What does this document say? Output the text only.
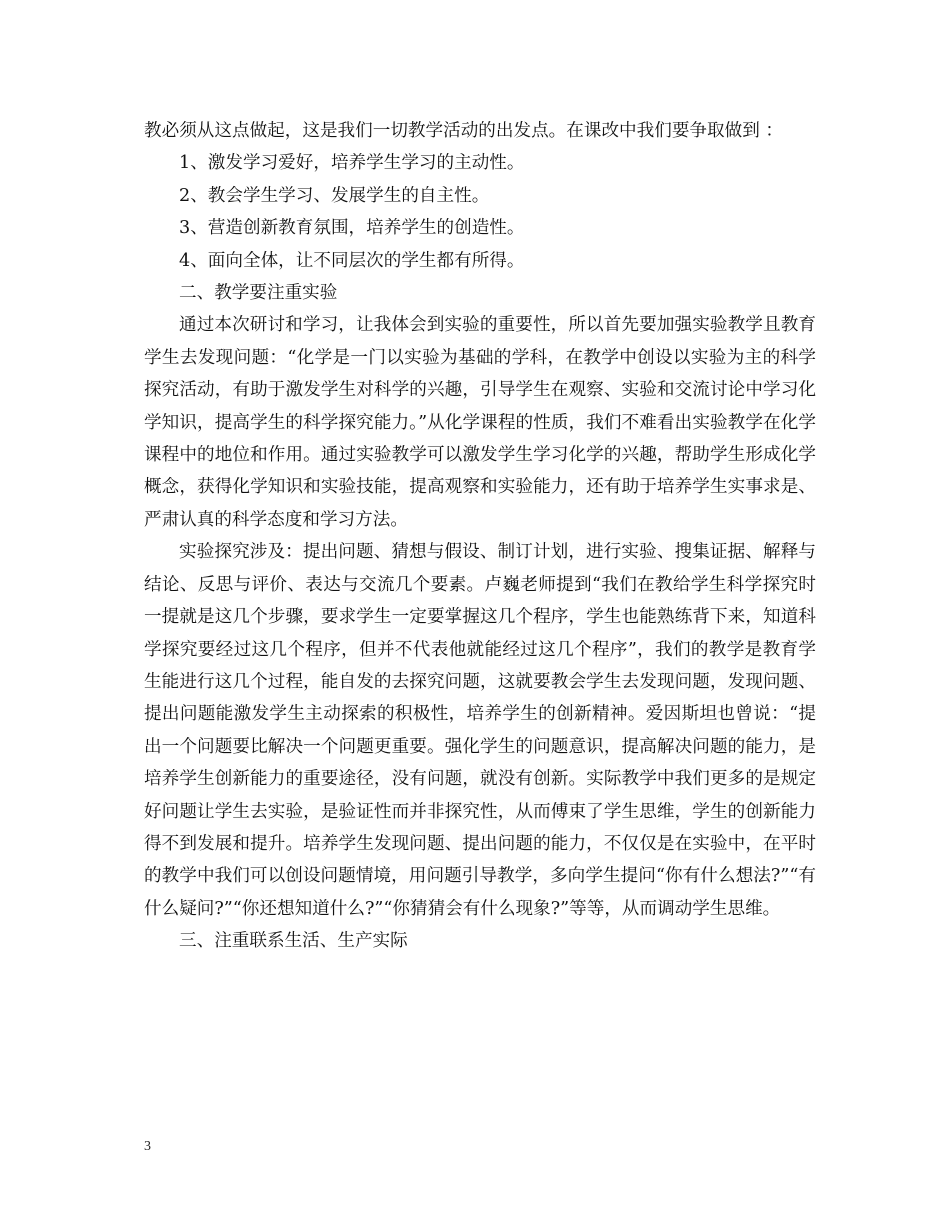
教必须从这点做起，这是我们一切教学活动的出发点。在课改中我们要争取做到 ：

1、激发学习爱好，培养学生学习的主动性。

2、教会学生学习、发展学生的自主性。

3、营造创新教育氛围，培养学生的创造性。

4、面向全体，让不同层次的学生都有所得。

二、教学要注重实验

通过本次研讨和学习，让我体会到实验的重要性，所以首先要加强实验教学且教育学生去发现问题：“化学是一门以实验为基础的学科，在教学中创设以实验为主的科学探究活动，有助于激发学生对科学的兴趣，引导学生在观察、实验和交流讨论中学习化学知识，提高学生的科学探究能力。”从化学课程的性质，我们不难看出实验教学在化学课程中的地位和作用。通过实验教学可以激发学生学习化学的兴趣，帮助学生形成化学概念，获得化学知识和实验技能，提高观察和实验能力，还有助于培养学生实事求是、严肃认真的科学态度和学习方法。

实验探究涉及：提出问题、猜想与假设、制订计划，进行实验、搜集证据、解释与结论、反思与评价、表达与交流几个要素。卢巍老师提到“我们在教给学生科学探究时一提就是这几个步骤，要求学生一定要掌握这几个程序，学生也能熟练背下来，知道科学探究要经过这几个程序，但并不代表他就能经过这几个程序”，我们的教学是教育学生能进行这几个过程，能自发的去探究问题，这就要教会学生去发现问题，发现问题、提出问题能激发学生主动探索的积极性，培养学生的创新精神。爱因斯坦也曾说：“提出一个问题要比解决一个问题更重要。强化学生的问题意识，提高解决问题的能力，是培养学生创新能力的重要途径，没有问题，就没有创新。实际教学中我们更多的是规定好问题让学生去实验，是验证性而并非探究性，从而傅束了学生思维，学生的创新能力得不到发展和提升。培养学生发现问题、提出问题的能力，不仅仅是在实验中，在平时的教学中我们可以创设问题情境，用问题引导教学，多向学生提问“你有什么想法?”“有 什么疑问?”“你还想知道什么?”“你猜猜会有什么现象?”等等，从而调动学生思维。

三、注重联系生活、生产实际

3
